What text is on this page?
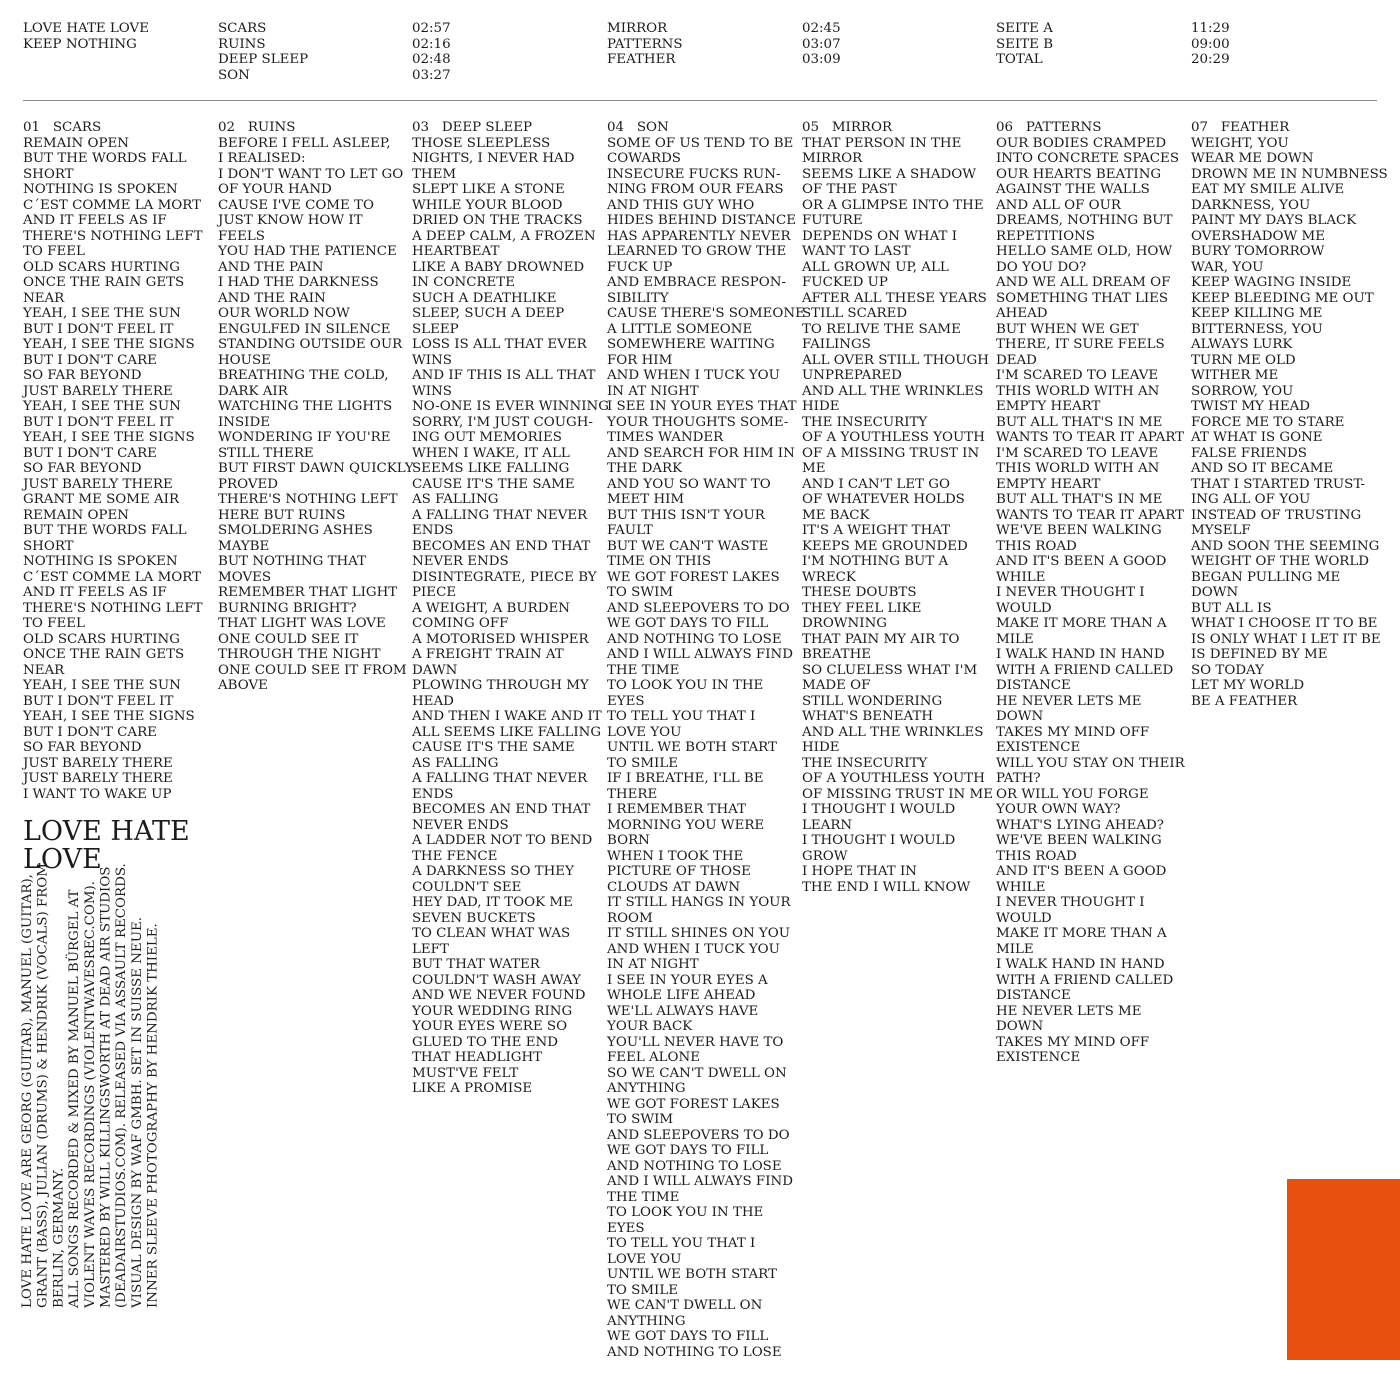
LOVE HATE LOVE
KEEP NOTHING
SCARS
RUINS
DEEP SLEEP
SON
02:57
02:16
02:48
03:27
MIRROR
PATTERNS
FEATHER
02:45
03:07
03:09
SEITE A
SEITE B
TOTAL
11:29
09:00
20:29
01 SCARS
REMAIN OPEN
BUT THE WORDS FALL
SHORT
NOTHING IS SPOKEN
C´EST COMME LA MORT
AND IT FEELS AS IF
THERE'S NOTHING LEFT
TO FEEL
OLD SCARS HURTING
ONCE THE RAIN GETS
NEAR
YEAH, I SEE THE SUN
BUT I DON'T FEEL IT
YEAH, I SEE THE SIGNS
BUT I DON'T CARE
SO FAR BEYOND
JUST BARELY THERE
YEAH, I SEE THE SUN
BUT I DON'T FEEL IT
YEAH, I SEE THE SIGNS
BUT I DON'T CARE
SO FAR BEYOND
JUST BARELY THERE
GRANT ME SOME AIR
REMAIN OPEN
BUT THE WORDS FALL
SHORT
NOTHING IS SPOKEN
C´EST COMME LA MORT
AND IT FEELS AS IF
THERE'S NOTHING LEFT
TO FEEL
OLD SCARS HURTING
ONCE THE RAIN GETS
NEAR
YEAH, I SEE THE SUN
BUT I DON'T FEEL IT
YEAH, I SEE THE SIGNS
BUT I DON'T CARE
SO FAR BEYOND
JUST BARELY THERE
JUST BARELY THERE
I WANT TO WAKE UP
02 RUINS
BEFORE I FELL ASLEEP,
I REALISED:
I DON'T WANT TO LET GO
OF YOUR HAND
CAUSE I'VE COME TO
JUST KNOW HOW IT
FEELS
YOU HAD THE PATIENCE
AND THE PAIN
I HAD THE DARKNESS
AND THE RAIN
OUR WORLD NOW
ENGULFED IN SILENCE
STANDING OUTSIDE OUR
HOUSE
BREATHING THE COLD,
DARK AIR
WATCHING THE LIGHTS
INSIDE
WONDERING IF YOU'RE
STILL THERE
BUT FIRST DAWN QUICKLY
PROVED
THERE'S NOTHING LEFT
HERE BUT RUINS
SMOLDERING ASHES
MAYBE
BUT NOTHING THAT
MOVES
REMEMBER THAT LIGHT
BURNING BRIGHT?
THAT LIGHT WAS LOVE
ONE COULD SEE IT
THROUGH THE NIGHT
ONE COULD SEE IT FROM
ABOVE
03 DEEP SLEEP
THOSE SLEEPLESS
NIGHTS, I NEVER HAD
THEM
SLEPT LIKE A STONE
WHILE YOUR BLOOD
DRIED ON THE TRACKS
A DEEP CALM, A FROZEN
HEARTBEAT
LIKE A BABY DROWNED
IN CONCRETE
SUCH A DEATHLIKE
SLEEP, SUCH A DEEP
SLEEP
LOSS IS ALL THAT EVER
WINS
AND IF THIS IS ALL THAT
WINS
NO-ONE IS EVER WINNING
SORRY, I'M JUST COUGH-
ING OUT MEMORIES
WHEN I WAKE, IT ALL
SEEMS LIKE FALLING
CAUSE IT'S THE SAME
AS FALLING
A FALLING THAT NEVER
ENDS
BECOMES AN END THAT
NEVER ENDS
DISINTEGRATE, PIECE BY
PIECE
A WEIGHT, A BURDEN
COMING OFF
A MOTORISED WHISPER
A FREIGHT TRAIN AT
DAWN
PLOWING THROUGH MY
HEAD
AND THEN I WAKE AND IT
ALL SEEMS LIKE FALLING
CAUSE IT'S THE SAME
AS FALLING
A FALLING THAT NEVER
ENDS
BECOMES AN END THAT
NEVER ENDS
A LADDER NOT TO BEND
THE FENCE
A DARKNESS SO THEY
COULDN'T SEE
HEY DAD, IT TOOK ME
SEVEN BUCKETS
TO CLEAN WHAT WAS
LEFT
BUT THAT WATER
COULDN'T WASH AWAY
AND WE NEVER FOUND
YOUR WEDDING RING
YOUR EYES WERE SO
GLUED TO THE END
THAT HEADLIGHT
MUST'VE FELT
LIKE A PROMISE
04 SON
SOME OF US TEND TO BE
COWARDS
INSECURE FUCKS RUN-
NING FROM OUR FEARS
AND THIS GUY WHO
HIDES BEHIND DISTANCE
HAS APPARENTLY NEVER
LEARNED TO GROW THE
FUCK UP
AND EMBRACE RESPON-
SIBILITY
CAUSE THERE'S SOMEONE
A LITTLE SOMEONE
SOMEWHERE WAITING
FOR HIM
AND WHEN I TUCK YOU
IN AT NIGHT
I SEE IN YOUR EYES THAT
YOUR THOUGHTS SOME-
TIMES WANDER
AND SEARCH FOR HIM IN
THE DARK
AND YOU SO WANT TO
MEET HIM
BUT THIS ISN'T YOUR
FAULT
BUT WE CAN'T WASTE
TIME ON THIS
WE GOT FOREST LAKES
TO SWIM
AND SLEEPOVERS TO DO
WE GOT DAYS TO FILL
AND NOTHING TO LOSE
AND I WILL ALWAYS FIND
THE TIME
TO LOOK YOU IN THE
EYES
TO TELL YOU THAT I
LOVE YOU
UNTIL WE BOTH START
TO SMILE
IF I BREATHE, I'LL BE
THERE
I REMEMBER THAT
MORNING YOU WERE
BORN
WHEN I TOOK THE
PICTURE OF THOSE
CLOUDS AT DAWN
IT STILL HANGS IN YOUR
ROOM
IT STILL SHINES ON YOU
AND WHEN I TUCK YOU
IN AT NIGHT
I SEE IN YOUR EYES A
WHOLE LIFE AHEAD
WE'LL ALWAYS HAVE
YOUR BACK
YOU'LL NEVER HAVE TO
FEEL ALONE
SO WE CAN'T DWELL ON
ANYTHING
WE GOT FOREST LAKES
TO SWIM
AND SLEEPOVERS TO DO
WE GOT DAYS TO FILL
AND NOTHING TO LOSE
AND I WILL ALWAYS FIND
THE TIME
TO LOOK YOU IN THE
EYES
TO TELL YOU THAT I
LOVE YOU
UNTIL WE BOTH START
TO SMILE
WE CAN'T DWELL ON
ANYTHING
WE GOT DAYS TO FILL
AND NOTHING TO LOSE
05 MIRROR
THAT PERSON IN THE
MIRROR
SEEMS LIKE A SHADOW
OF THE PAST
OR A GLIMPSE INTO THE
FUTURE
DEPENDS ON WHAT I
WANT TO LAST
ALL GROWN UP, ALL
FUCKED UP
AFTER ALL THESE YEARS
STILL SCARED
TO RELIVE THE SAME
FAILINGS
ALL OVER STILL THOUGH
UNPREPARED
AND ALL THE WRINKLES
HIDE
THE INSECURITY
OF A YOUTHLESS YOUTH
OF A MISSING TRUST IN
ME
AND I CAN'T LET GO
OF WHATEVER HOLDS
ME BACK
IT'S A WEIGHT THAT
KEEPS ME GROUNDED
I'M NOTHING BUT A
WRECK
THESE DOUBTS
THEY FEEL LIKE
DROWNING
THAT PAIN MY AIR TO
BREATHE
SO CLUELESS WHAT I'M
MADE OF
STILL WONDERING
WHAT'S BENEATH
AND ALL THE WRINKLES
HIDE
THE INSECURITY
OF A YOUTHLESS YOUTH
OF MISSING TRUST IN ME
I THOUGHT I WOULD
LEARN
I THOUGHT I WOULD
GROW
I HOPE THAT IN
THE END I WILL KNOW
06 PATTERNS
OUR BODIES CRAMPED
INTO CONCRETE SPACES
OUR HEARTS BEATING
AGAINST THE WALLS
AND ALL OF OUR
DREAMS, NOTHING BUT
REPETITIONS
HELLO SAME OLD, HOW
DO YOU DO?
AND WE ALL DREAM OF
SOMETHING THAT LIES
AHEAD
BUT WHEN WE GET
THERE, IT SURE FEELS
DEAD
I'M SCARED TO LEAVE
THIS WORLD WITH AN
EMPTY HEART
BUT ALL THAT'S IN ME
WANTS TO TEAR IT APART
I'M SCARED TO LEAVE
THIS WORLD WITH AN
EMPTY HEART
BUT ALL THAT'S IN ME
WANTS TO TEAR IT APART
WE'VE BEEN WALKING
THIS ROAD
AND IT'S BEEN A GOOD
WHILE
I NEVER THOUGHT I
WOULD
MAKE IT MORE THAN A
MILE
I WALK HAND IN HAND
WITH A FRIEND CALLED
DISTANCE
HE NEVER LETS ME
DOWN
TAKES MY MIND OFF
EXISTENCE
WILL YOU STAY ON THEIR
PATH?
OR WILL YOU FORGE
YOUR OWN WAY?
WHAT'S LYING AHEAD?
WE'VE BEEN WALKING
THIS ROAD
AND IT'S BEEN A GOOD
WHILE
I NEVER THOUGHT I
WOULD
MAKE IT MORE THAN A
MILE
I WALK HAND IN HAND
WITH A FRIEND CALLED
DISTANCE
HE NEVER LETS ME
DOWN
TAKES MY MIND OFF
EXISTENCE
07 FEATHER
WEIGHT, YOU
WEAR ME DOWN
DROWN ME IN NUMBNESS
EAT MY SMILE ALIVE
DARKNESS, YOU
PAINT MY DAYS BLACK
OVERSHADOW ME
BURY TOMORROW
WAR, YOU
KEEP WAGING INSIDE
KEEP BLEEDING ME OUT
KEEP KILLING ME
BITTERNESS, YOU
ALWAYS LURK
TURN ME OLD
WITHER ME
SORROW, YOU
TWIST MY HEAD
FORCE ME TO STARE
AT WHAT IS GONE
FALSE FRIENDS
AND SO IT BECAME
THAT I STARTED TRUST-
ING ALL OF YOU
INSTEAD OF TRUSTING
MYSELF
AND SOON THE SEEMING
WEIGHT OF THE WORLD
BEGAN PULLING ME
DOWN
BUT ALL IS
WHAT I CHOOSE IT TO BE
IS ONLY WHAT I LET IT BE
IS DEFINED BY ME
SO TODAY
LET MY WORLD
BE A FEATHER
LOVE HATE
LOVE
LOVE HATE LOVE ARE GEORG (GUITAR), MANUEL (GUITAR), GRANT (BASS), JULIAN (DRUMS) & HENDRIK (VOCALS) FROM BERLIN, GERMANY. ALL SONGS RECORDED & MIXED BY MANUEL BÜRGEL AT VIOLENT WAVES RECORDINGS (VIOLENTWAVESREC.COM). MASTERED BY WILL KILLINGSWORTH AT DEAD AIR STUDIOS (DEADAIRSTUDIOS.COM). RELEASED VIA ASSAULT RECORDS. VISUAL DESIGN BY WAF GMBH. SET IN SUISSE NEUE. INNER SLEEVE PHOTOGRAPHY BY HENDRIK THIELE.
